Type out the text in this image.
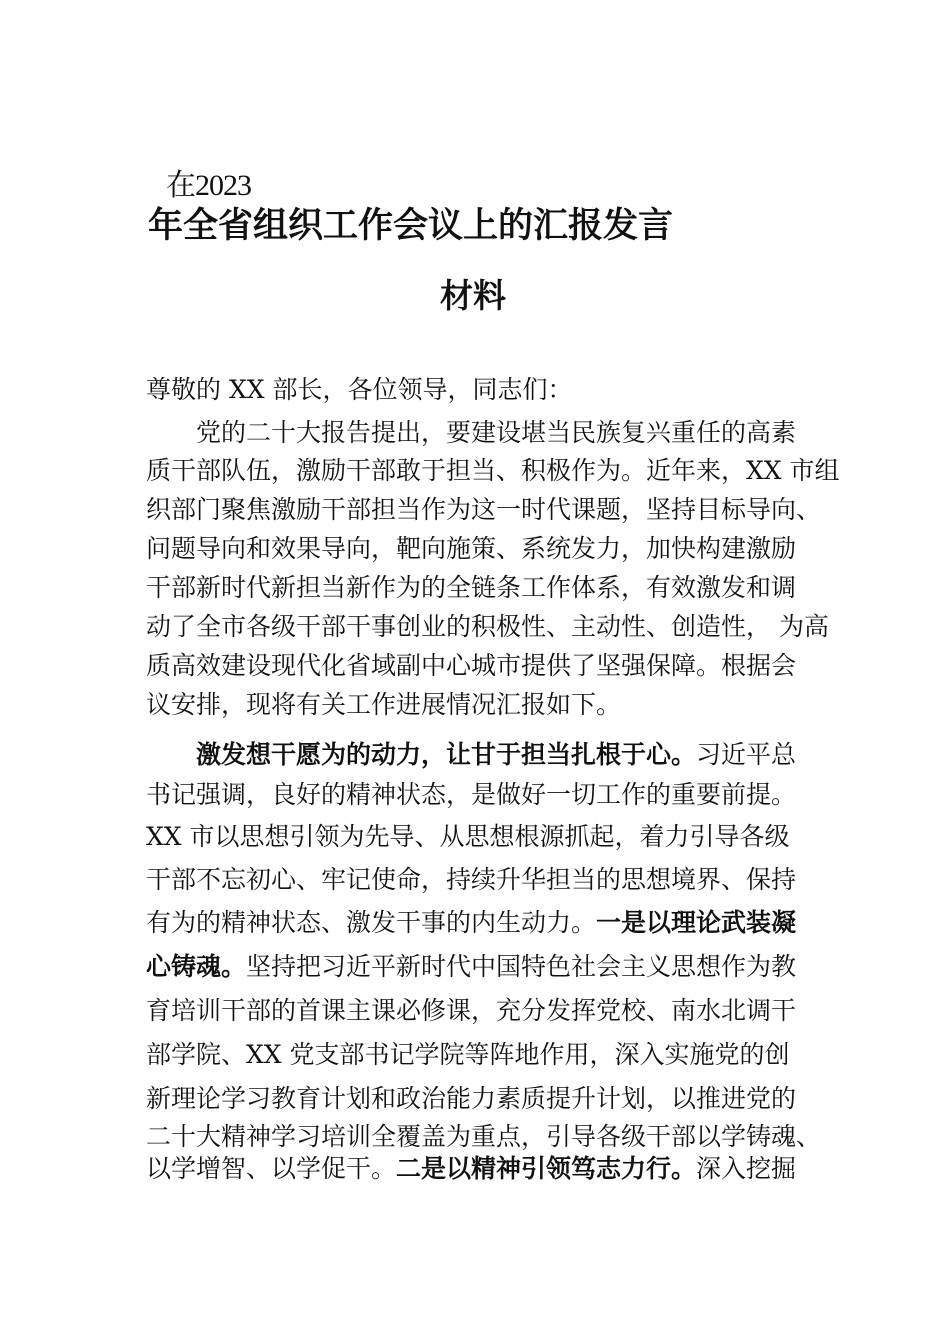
在2023
年全省组织工作会议上的汇报发言
材料
尊敬的 XX 部长，各位领导，同志们：
　　党的二十大报告提出，要建设堪当民族复兴重任的高素
质干部队伍，激励干部敢于担当、积极作为。近年来，XX 市组
织部门聚焦激励干部担当作为这一时代课题，坚持目标导向、
问题导向和效果导向，靶向施策、系统发力，加快构建激励
干部新时代新担当新作为的全链条工作体系，有效激发和调
动了全市各级干部干事创业的积极性、主动性、创造性， 为高
质高效建设现代化省域副中心城市提供了坚强保障。根据会
议安排，现将有关工作进展情况汇报如下。
　　激发想干愿为的动力，让甘于担当扎根于心。习近平总
书记强调，良好的精神状态，是做好一切工作的重要前提。
XX 市以思想引领为先导、从思想根源抓起，着力引导各级
干部不忘初心、牢记使命，持续升华担当的思想境界、保持
有为的精神状态、激发干事的内生动力。一是以理论武装凝
心铸魂。坚持把习近平新时代中国特色社会主义思想作为教
育培训干部的首课主课必修课，充分发挥党校、南水北调干
部学院、XX 党支部书记学院等阵地作用，深入实施党的创
新理论学习教育计划和政治能力素质提升计划，以推进党的
二十大精神学习培训全覆盖为重点，引导各级干部以学铸魂、
以学增智、以学促干。二是以精神引领笃志力行。深入挖掘
